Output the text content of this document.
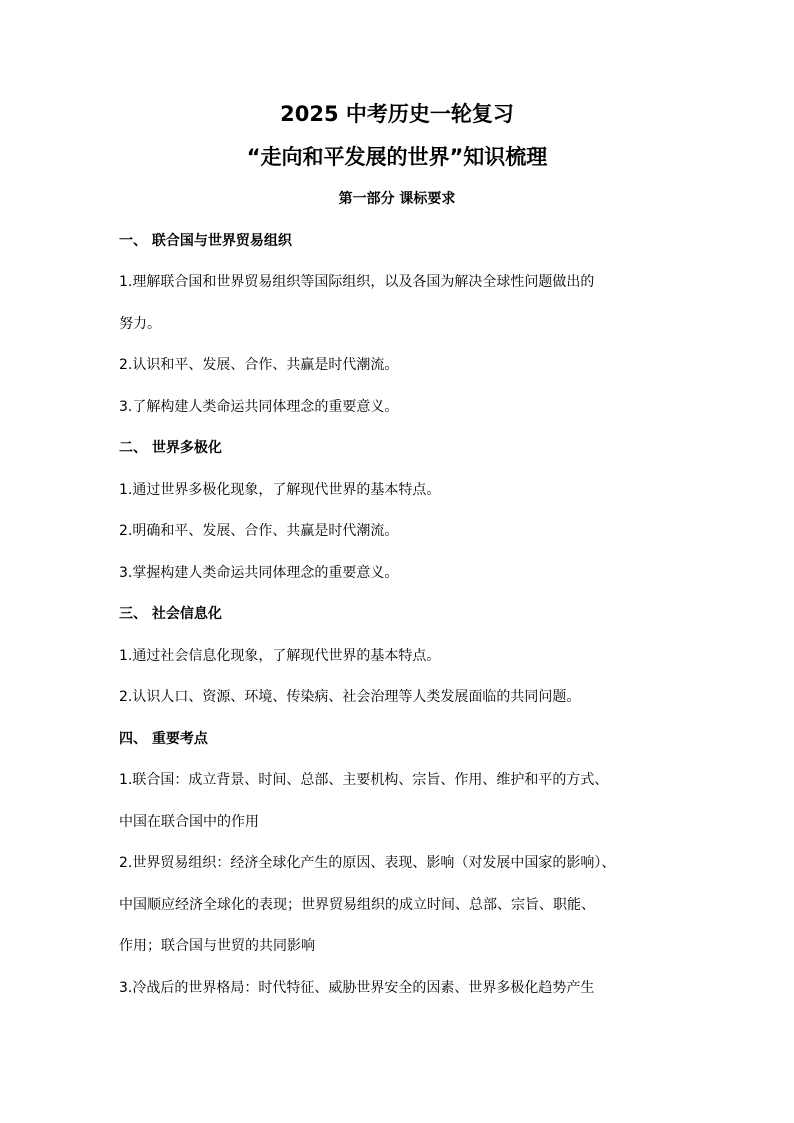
2025 中考历史一轮复习
“走向和平发展的世界”知识梳理
第一部分 课标要求
一、 联合国与世界贸易组织
1.理解联合国和世界贸易组织等国际组织，以及各国为解决全球性问题做出的
努力。
2.认识和平、发展、合作、共赢是时代潮流。
3.了解构建人类命运共同体理念的重要意义。
二、 世界多极化
1.通过世界多极化现象，了解现代世界的基本特点。
2.明确和平、发展、合作、共赢是时代潮流。
3.掌握构建人类命运共同体理念的重要意义。
三、 社会信息化
1.通过社会信息化现象，了解现代世界的基本特点。
2.认识人口、资源、环境、传染病、社会治理等人类发展面临的共同问题。
四、 重要考点
1.联合国：成立背景、时间、总部、主要机构、宗旨、作用、维护和平的方式、
中国在联合国中的作用
2.世界贸易组织：经济全球化产生的原因、表现、影响（对发展中国家的影响）、
中国顺应经济全球化的表现；世界贸易组织的成立时间、总部、宗旨、职能、
作用；联合国与世贸的共同影响
3.冷战后的世界格局：时代特征、威胁世界安全的因素、世界多极化趋势产生
